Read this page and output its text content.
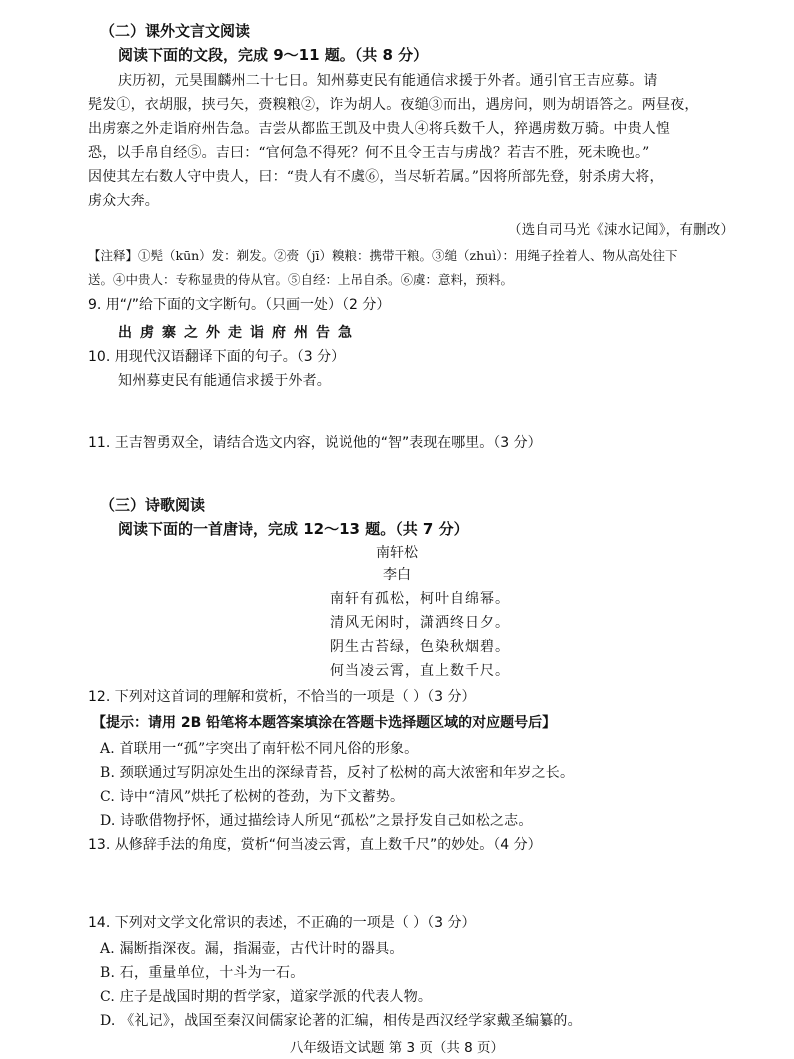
（二）课外文言文阅读
阅读下面的文段，完成 9～11 题。（共 8 分）
庆历初，元昊围麟州二十七日。知州募吏民有能通信求援于外者。通引官王吉应募。请
髡发①，衣胡服，挟弓矢，赍糗粮②，诈为胡人。夜缒③而出，遇房问，则为胡语答之。两昼夜，
出虏寨之外走诣府州告急。吉尝从都监王凯及中贵人④将兵数千人，猝遇虏数万骑。中贵人惶
恐，以手帛自经⑤。吉曰：“官何急不得死？何不且令王吉与虏战？若吉不胜，死未晚也。”
因使其左右数人守中贵人，曰：“贵人有不虞⑥，当尽斩若属。”因将所部先登，射杀虏大将，
虏众大奔。
（选自司马光《涑水记闻》，有删改）
【注释】①髡（kūn）发：剃发。②赍（jī）糗粮：携带干粮。③缒（zhuì）：用绳子拴着人、物从高处往下
送。④中贵人：专称显贵的侍从官。⑤自经：上吊自杀。⑥虞：意料，预料。
9. 用“/”给下面的文字断句。（只画一处）（2 分）
出虏寨之外走诣府州告急
10. 用现代汉语翻译下面的句子。（3 分）
知州募吏民有能通信求援于外者。
11. 王吉智勇双全，请结合选文内容，说说他的“智”表现在哪里。（3 分）
（三）诗歌阅读
阅读下面的一首唐诗，完成 12～13 题。（共 7 分）
南轩松
李白
南轩有孤松，柯叶自绵幂。
清风无闲时，潇洒终日夕。
阴生古苔绿，色染秋烟碧。
何当凌云霄，直上数千尺。
12. 下列对这首词的理解和赏析，不恰当的一项是（ ）（3 分）
【提示：请用 2B 铅笔将本题答案填涂在答题卡选择题区域的对应题号后】
A. 首联用一“孤”字突出了南轩松不同凡俗的形象。
B. 颈联通过写阴凉处生出的深绿青苔，反衬了松树的高大浓密和年岁之长。
C. 诗中“清风”烘托了松树的苍劲，为下文蓄势。
D. 诗歌借物抒怀，通过描绘诗人所见“孤松”之景抒发自己如松之志。
13. 从修辞手法的角度，赏析“何当凌云霄，直上数千尺”的妙处。（4 分）
14. 下列对文学文化常识的表述，不正确的一项是（ ）（3 分）
A. 漏断指深夜。漏，指漏壶，古代计时的器具。
B. 石，重量单位，十斗为一石。
C. 庄子是战国时期的哲学家，道家学派的代表人物。
D. 《礼记》，战国至秦汉间儒家论著的汇编，相传是西汉经学家戴圣编纂的。
八年级语文试题 第 3 页（共 8 页）
